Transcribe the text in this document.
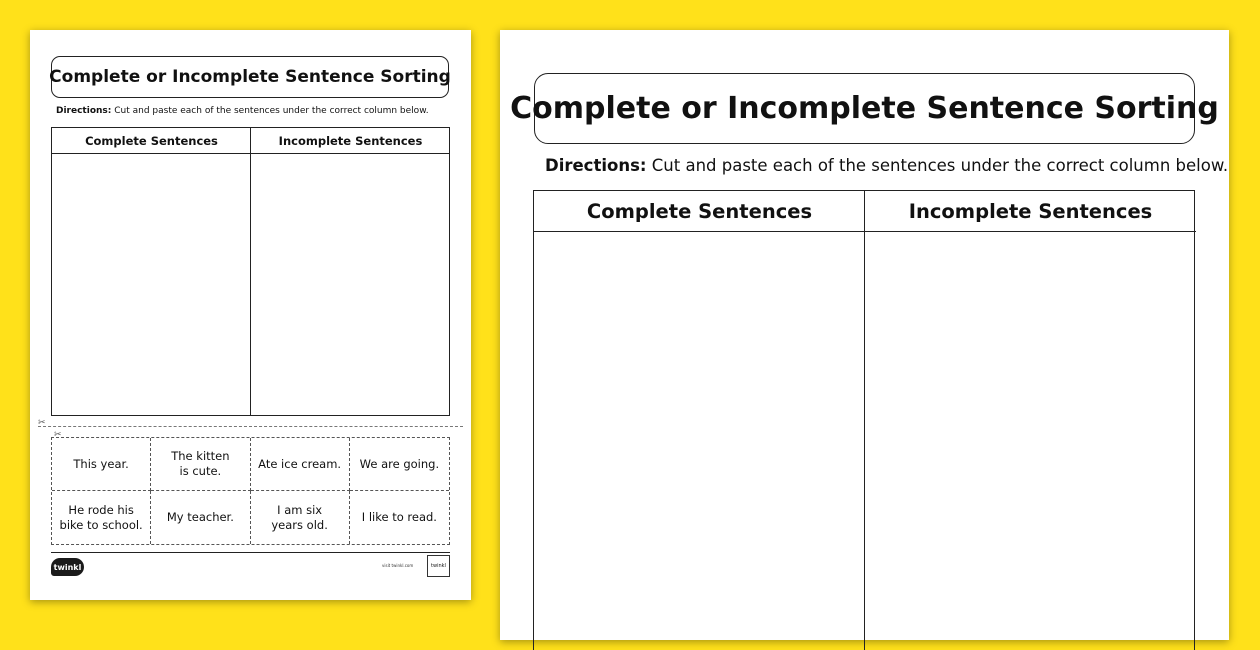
Complete or Incomplete Sentence Sorting
Directions: Cut and paste each of the sentences under the correct column below.
Complete Sentences	Incomplete Sentences
✂
✂
This year.
The kitten is cute.
Ate ice cream. We are going.
He rode his bike to school.
My teacher.
I am six years old.
I like to read.
twinkl	visit twinkl.com	twinkl
Complete or Incomplete Sentence Sorting
Directions: Cut and paste each of the sentences under the correct column below.
Complete Sentences	Incomplete Sentences
